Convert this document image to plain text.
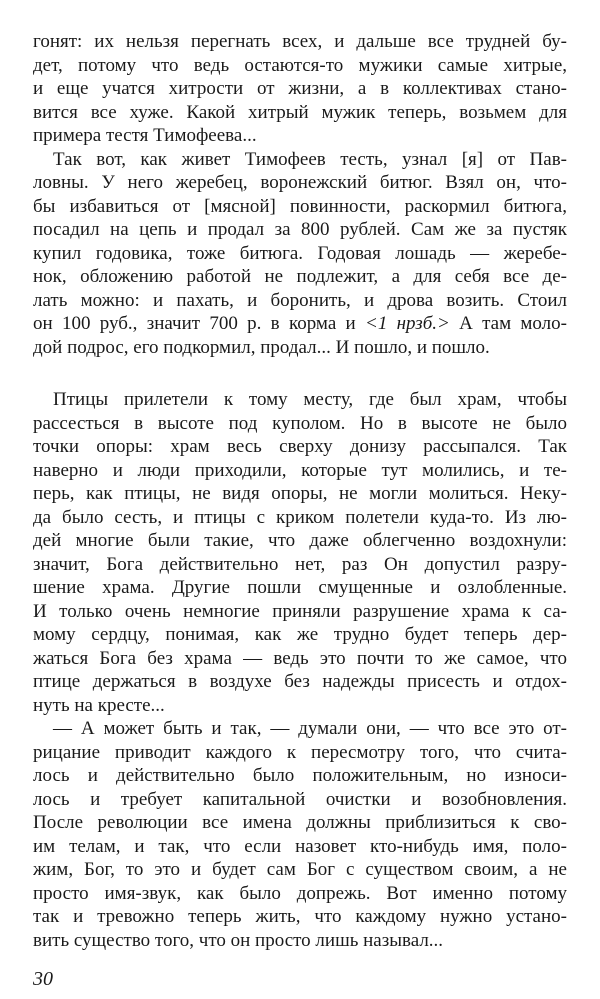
гонят: их нельзя перегнать всех, и дальше все трудней бу-
дет, потому что ведь остаются-то мужики самые хитрые,
и еще учатся хитрости от жизни, а в коллективах стано-
вится все хуже. Какой хитрый мужик теперь, возьмем для
примера тестя Тимофеева...
Так вот, как живет Тимофеев тесть, узнал [я] от Пав-
ловны. У него жеребец, воронежский битюг. Взял он, что-
бы избавиться от [мясной] повинности, раскормил битюга,
посадил на цепь и продал за 800 рублей. Сам же за пустяк
купил годовика, тоже битюга. Годовая лошадь — жеребе-
нок, обложению работой не подлежит, а для себя все де-
лать можно: и пахать, и боронить, и дрова возить. Стоил
он 100 руб., значит 700 р. в корма и <1 нрзб.> А там моло-
дой подрос, его подкормил, продал... И пошло, и пошло.
Птицы прилетели к тому месту, где был храм, чтобы
рассесться в высоте под куполом. Но в высоте не было
точки опоры: храм весь сверху донизу рассыпался. Так
наверно и люди приходили, которые тут молились, и те-
перь, как птицы, не видя опоры, не могли молиться. Неку-
да было сесть, и птицы с криком полетели куда-то. Из лю-
дей многие были такие, что даже облегченно воздохнули:
значит, Бога действительно нет, раз Он допустил разру-
шение храма. Другие пошли смущенные и озлобленные.
И только очень немногие приняли разрушение храма к са-
мому сердцу, понимая, как же трудно будет теперь дер-
жаться Бога без храма — ведь это почти то же самое, что
птице держаться в воздухе без надежды присесть и отдох-
нуть на кресте...
— А может быть и так, — думали они, — что все это от-
рицание приводит каждого к пересмотру того, что счита-
лось и действительно было положительным, но износи-
лось и требует капитальной очистки и возобновления.
После революции все имена должны приблизиться к сво-
им телам, и так, что если назовет кто-нибудь имя, поло-
жим, Бог, то это и будет сам Бог с существом своим, а не
просто имя-звук, как было допрежь. Вот именно потому
так и тревожно теперь жить, что каждому нужно устано-
вить существо того, что он просто лишь называл...
30
